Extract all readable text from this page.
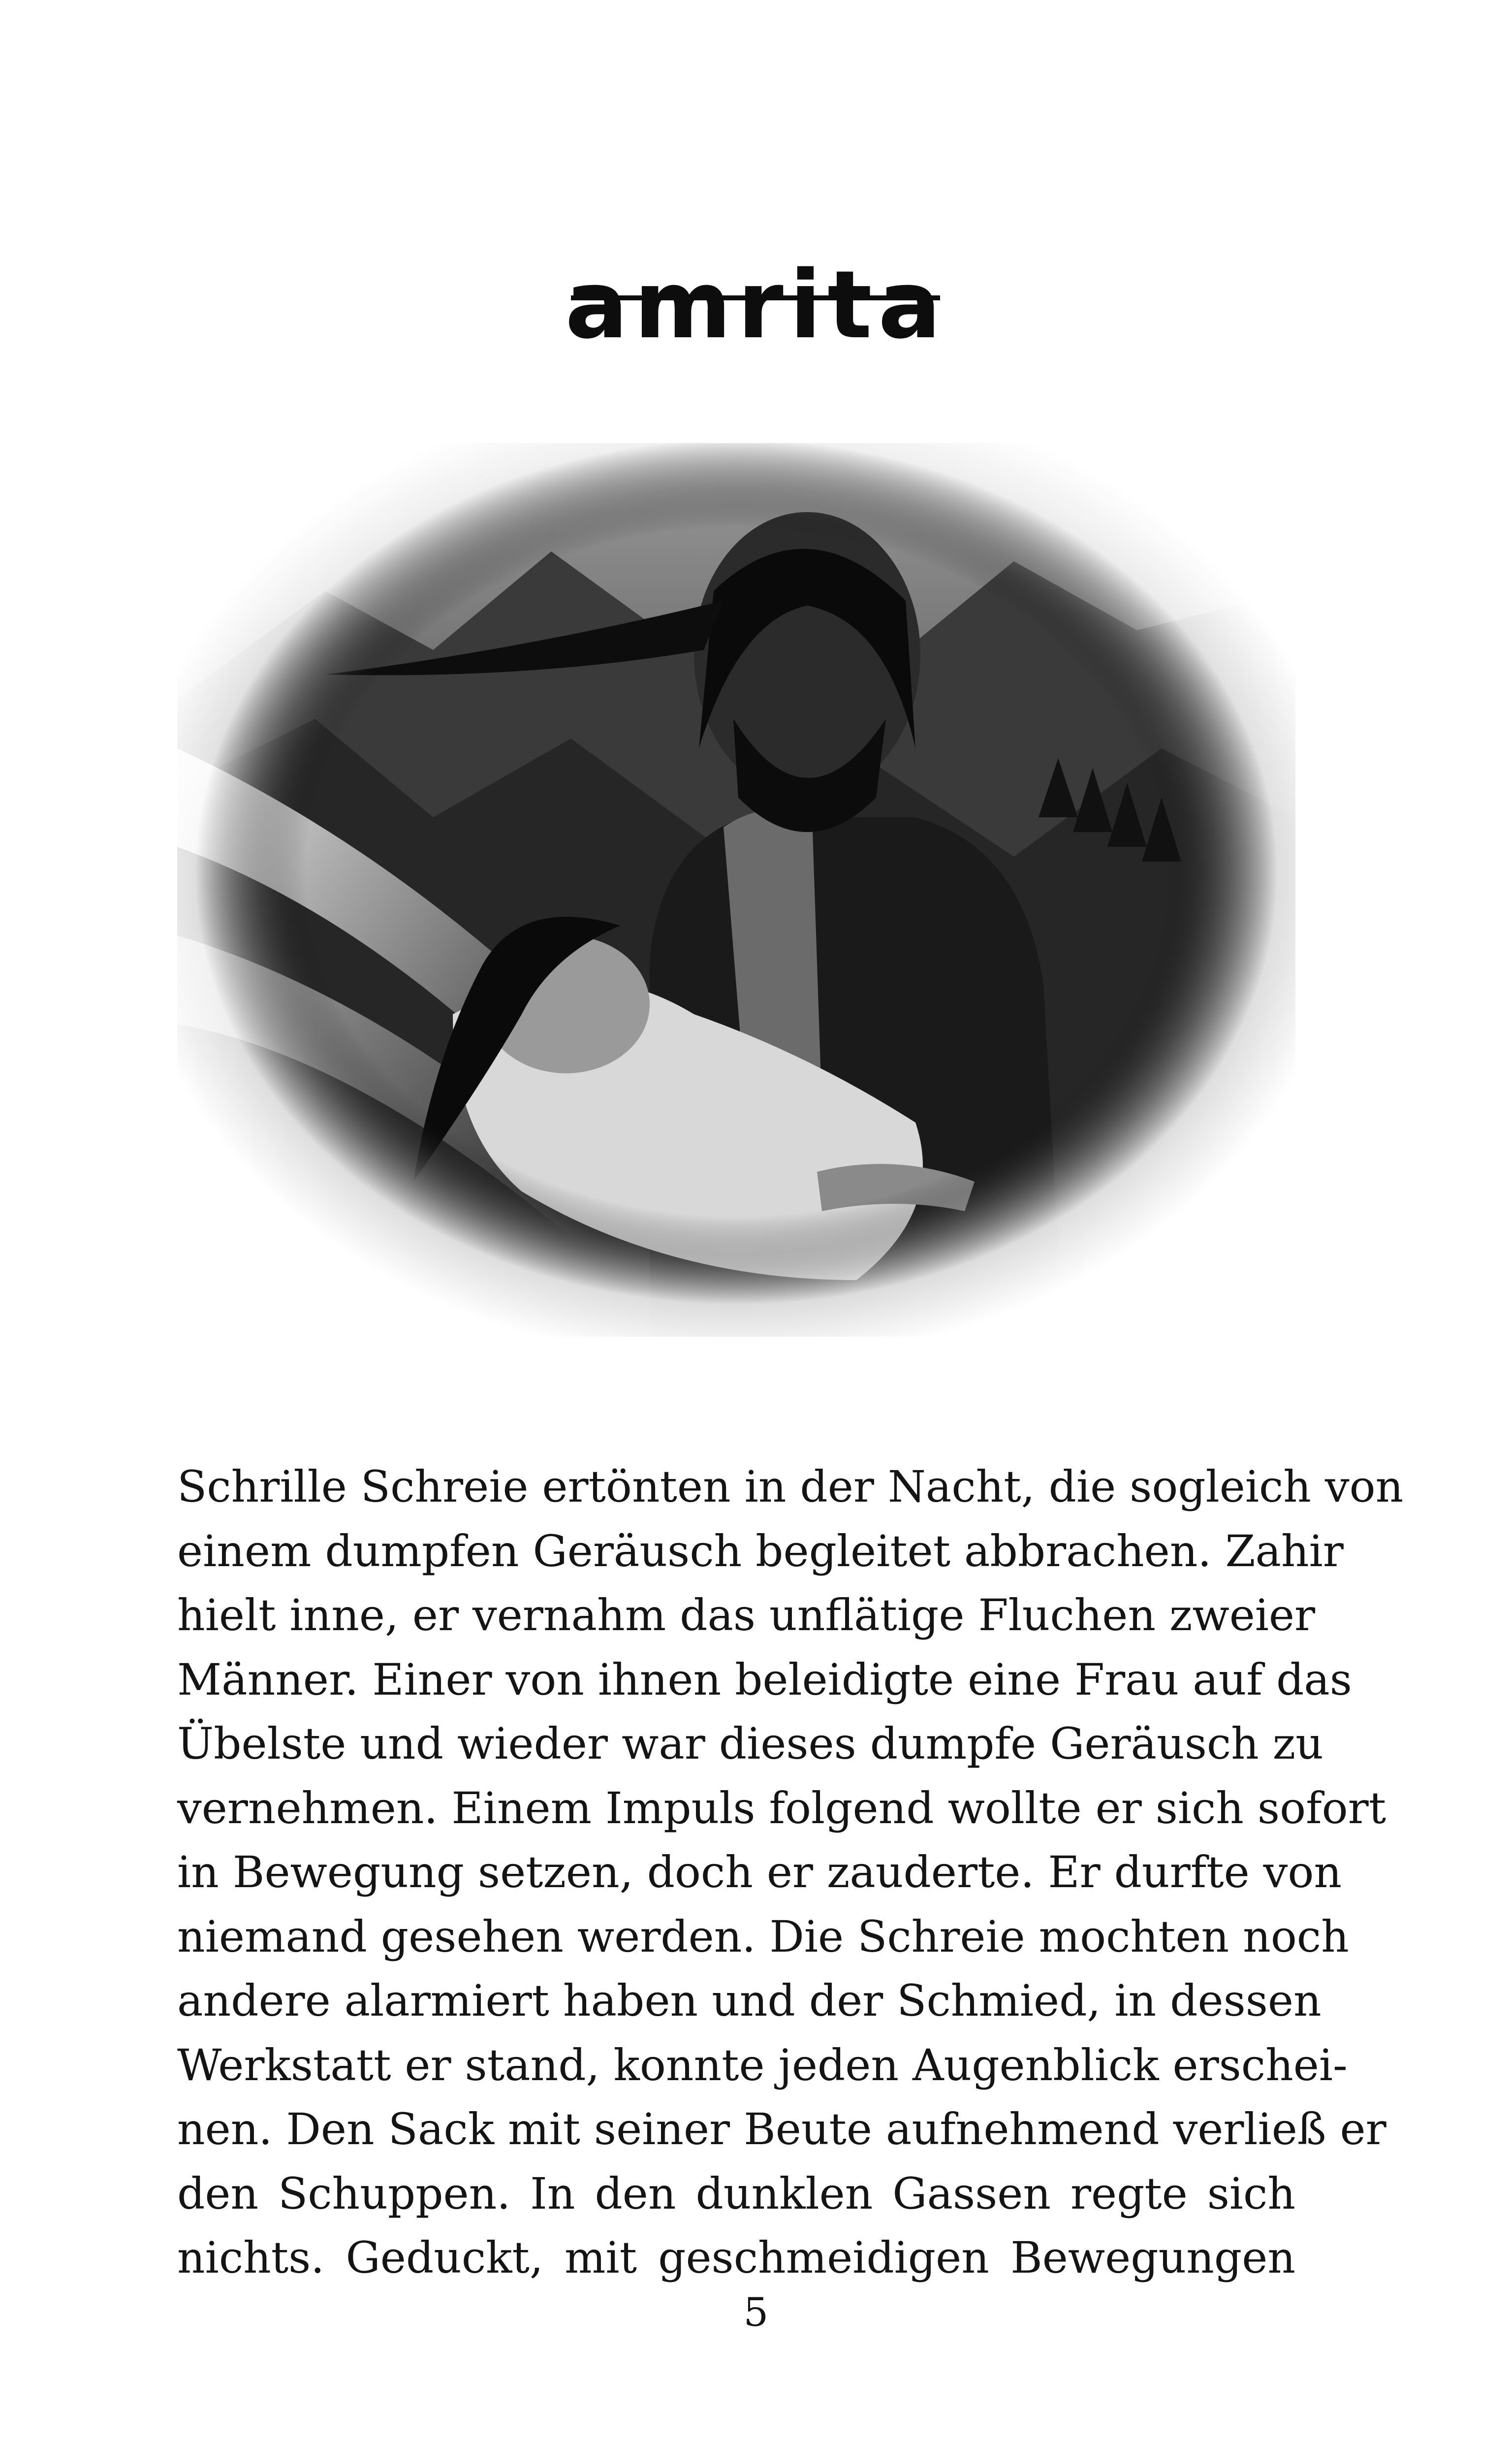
amrita
Schrille Schreie ertönten in der Nacht, die sogleich von
einem dumpfen Geräusch begleitet abbrachen. Zahir
hielt inne, er vernahm das unflätige Fluchen zweier
Männer. Einer von ihnen beleidigte eine Frau auf das
Übelste und wieder war dieses dumpfe Geräusch zu
vernehmen. Einem Impuls folgend wollte er sich sofort
in Bewegung setzen, doch er zauderte. Er durfte von
niemand gesehen werden. Die Schreie mochten noch
andere alarmiert haben und der Schmied, in dessen
Werkstatt er stand, konnte jeden Augenblick erschei-
nen. Den Sack mit seiner Beute aufnehmend verließ er
den Schuppen. In den dunklen Gassen regte sich
nichts. Geduckt, mit geschmeidigen Bewegungen
5
